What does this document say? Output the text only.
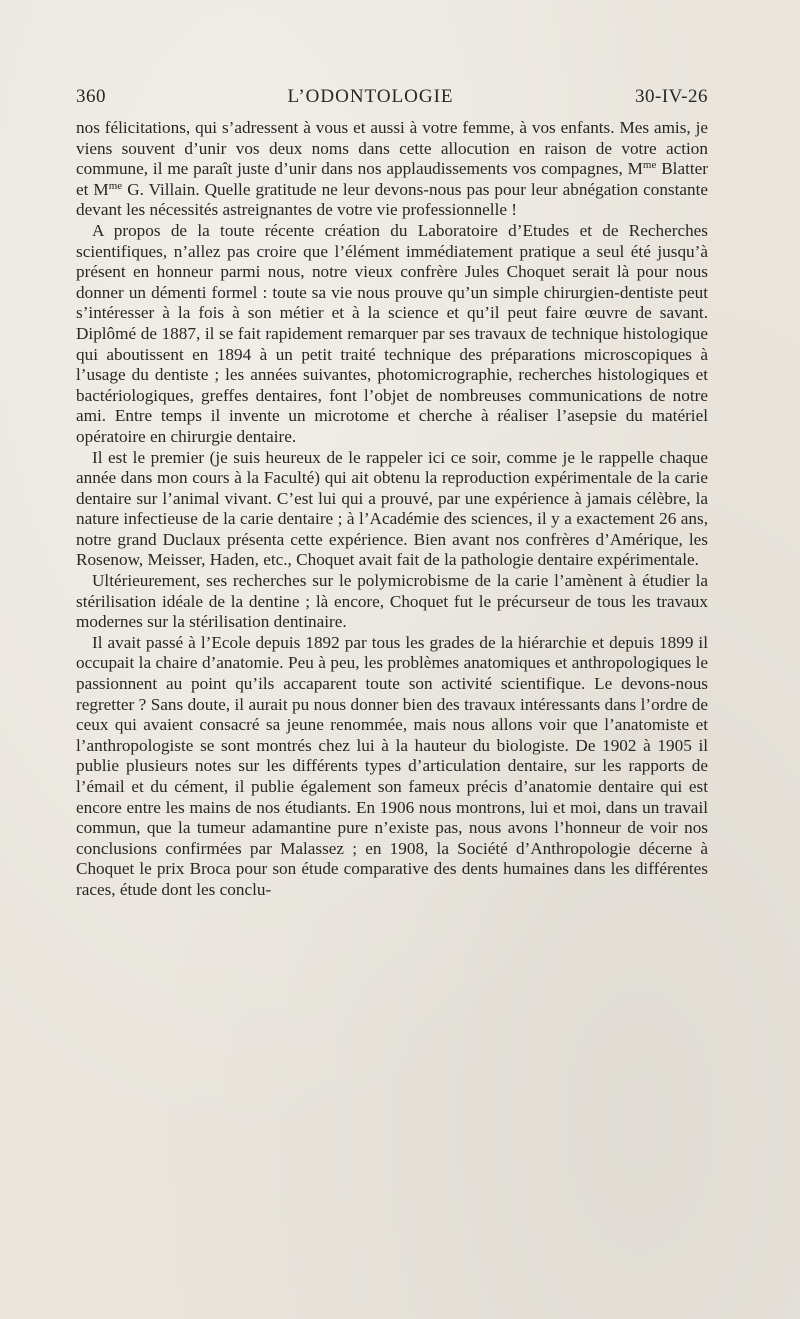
360	L’ODONTOLOGIE	30-IV-26

nos félicitations, qui s’adressent à vous et aussi à votre femme, à vos enfants. Mes amis, je viens souvent d’unir vos deux noms dans cette allocution en raison de votre action commune, il me paraît juste d’unir dans nos applaudissements vos compagnes, $M^{me}$ Blatter et $M^{me}$ G. Villain. Quelle gratitude ne leur devons-nous pas pour leur abnégation constante devant les nécessités astreignantes de votre vie professionnelle !

A propos de la toute récente création du Laboratoire d’Etudes et de Recherches scientifiques, n’allez pas croire que l’élément immédiatement pratique a seul été jusqu’à présent en honneur parmi nous, notre vieux confrère Jules Choquet serait là pour nous donner un démenti formel : toute sa vie nous prouve qu’un simple chirurgien-dentiste peut s’intéresser à la fois à son métier et à la science et qu’il peut faire œuvre de savant. Diplômé de 1887, il se fait rapidement remarquer par ses travaux de technique histologique qui aboutissent en 1894 à un petit traité technique des préparations microscopiques à l’usage du dentiste ; les années suivantes, photomicrographie, recherches histologiques et bactériologiques, greffes dentaires, font l’objet de nombreuses communications de notre ami. Entre temps il invente un microtome et cherche à réaliser l’asepsie du matériel opératoire en chirurgie dentaire.

Il est le premier (je suis heureux de le rappeler ici ce soir, comme je le rappelle chaque année dans mon cours à la Faculté) qui ait obtenu la reproduction expérimentale de la carie dentaire sur l’animal vivant. C’est lui qui a prouvé, par une expérience à jamais célèbre, la nature infectieuse de la carie dentaire ; à l’Académie des sciences, il y a exactement 26 ans, notre grand Duclaux présenta cette expérience. Bien avant nos confrères d’Amérique, les Rosenow, Meisser, Haden, etc., Choquet avait fait de la pathologie dentaire expérimentale.

Ultérieurement, ses recherches sur le polymicrobisme de la carie l’amènent à étudier la stérilisation idéale de la dentine ; là encore, Choquet fut le précurseur de tous les travaux modernes sur la stérilisation dentinaire.

Il avait passé à l’Ecole depuis 1892 par tous les grades de la hiérarchie et depuis 1899 il occupait la chaire d’anatomie. Peu à peu, les problèmes anatomiques et anthropologiques le passionnent au point qu’ils accaparent toute son activité scientifique. Le devons-nous regretter ? Sans doute, il aurait pu nous donner bien des travaux intéressants dans l’ordre de ceux qui avaient consacré sa jeune renommée, mais nous allons voir que l’anatomiste et l’anthropologiste se sont montrés chez lui à la hauteur du biologiste. De 1902 à 1905 il publie plusieurs notes sur les différents types d’articulation dentaire, sur les rapports de l’émail et du cément, il publie également son fameux précis d’anatomie dentaire qui est encore entre les mains de nos étudiants. En 1906 nous montrons, lui et moi, dans un travail commun, que la tumeur adamantine pure n’existe pas, nous avons l’honneur de voir nos conclusions confirmées par Malassez ; en 1908, la Société d’Anthropologie décerne à Choquet le prix Broca pour son étude comparative des dents humaines dans les différentes races, étude dont les conclu-
